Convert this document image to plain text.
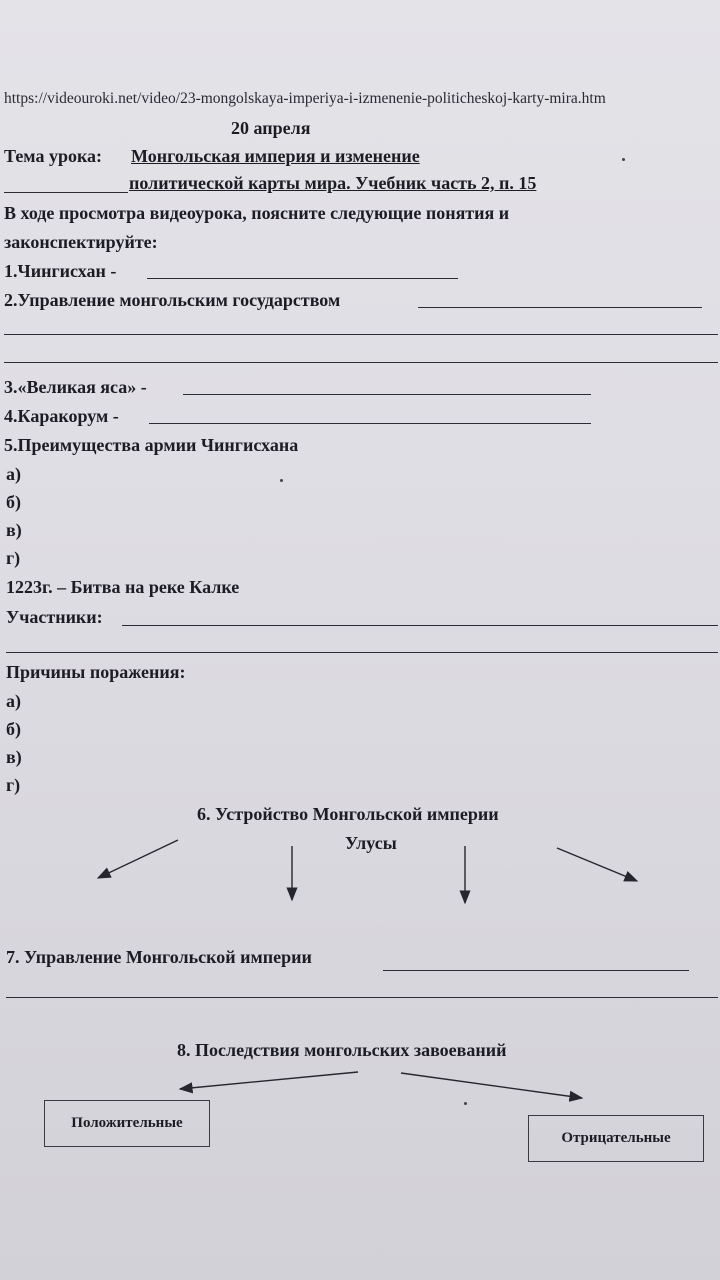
https://videouroki.net/video/23-mongolskaya-imperiya-i-izmenenie-politicheskoj-karty-mira.htm
20 апреля
Тема урока: Монгольская империя и изменение
политической карты мира. Учебник часть 2, п. 15
В ходе просмотра видеоурока, поясните следующие понятия и
законспектируйте:
1.Чингисхан -
2.Управление монгольским государством
3.«Великая яса» -
4.Каракорум -
5.Преимущества армии Чингисхана
а)
б)
в)
г)
1223г. – Битва на реке Калке
Участники:
Причины поражения:
а)
б)
в)
г)
6. Устройство Монгольской империи
Улусы
7. Управление Монгольской империи
8. Последствия монгольских завоеваний
Положительные
Отрицательные
